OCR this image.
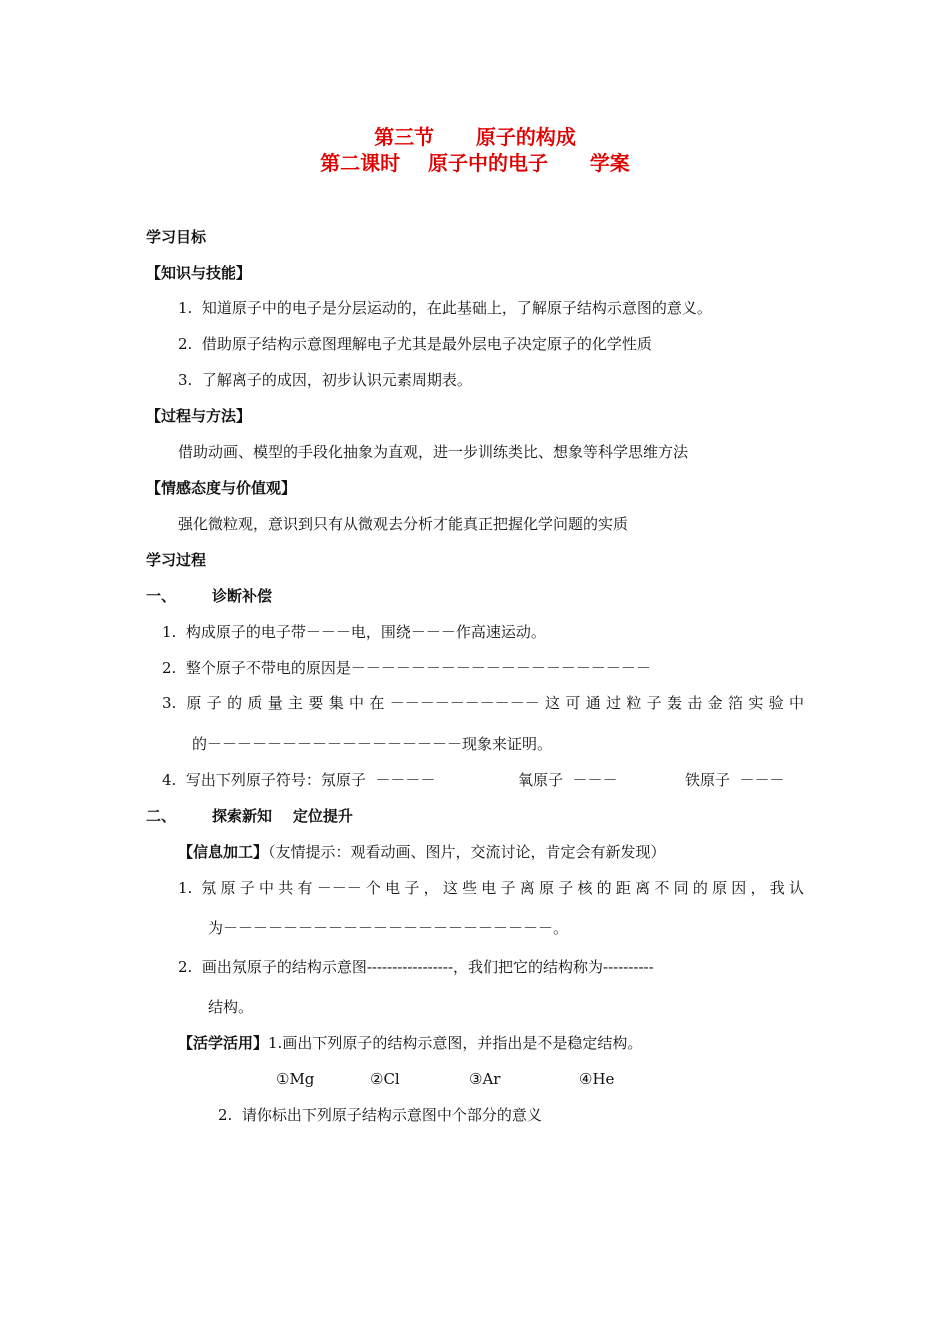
第三节      原子的构成
第二课时    原子中的电子      学案
学习目标
【知识与技能】
1.  知道原子中的电子是分层运动的，在此基础上，了解原子结构示意图的意义。
2.  借助原子结构示意图理解电子尤其是最外层电子决定原子的化学性质
3.  了解离子的成因，初步认识元素周期表。
【过程与方法】
借助动画、模型的手段化抽象为直观，进一步训练类比、想象等科学思维方法
【情感态度与价值观】
强化微粒观，意识到只有从微观去分析才能真正把握化学问题的实质
学习过程
一、 诊断补偿
1.  构成原子的电子带－－－电，围绕－－－作高速运动。
2.  整个原子不带电的原因是－－－－－－－－－－－－－－－－－－－－
3. 原子的质量主要集中在－－－－－－－－－－这可通过粒子轰击金箔实验中
的－－－－－－－－－－－－－－－－－现象来证明。
4.  写出下列原子符号：氖原子  －－－－	氧原子  －－－	铁原子  －－－
二、 探索新知    定位提升
【信息加工】（友情提示：观看动画、图片，交流讨论，肯定会有新发现）
1. 氖原子中共有－－－个电子，这些电子离原子核的距离不同的原因，我认
为－－－－－－－－－－－－－－－－－－－－－－。
2.  画出氖原子的结构示意图-----------------，我们把它的结构称为----------
结构。
【活学活用】1.画出下列原子的结构示意图，并指出是不是稳定结构。
①Mg	②Cl	③Ar	④He
2.  请你标出下列原子结构示意图中个部分的意义
